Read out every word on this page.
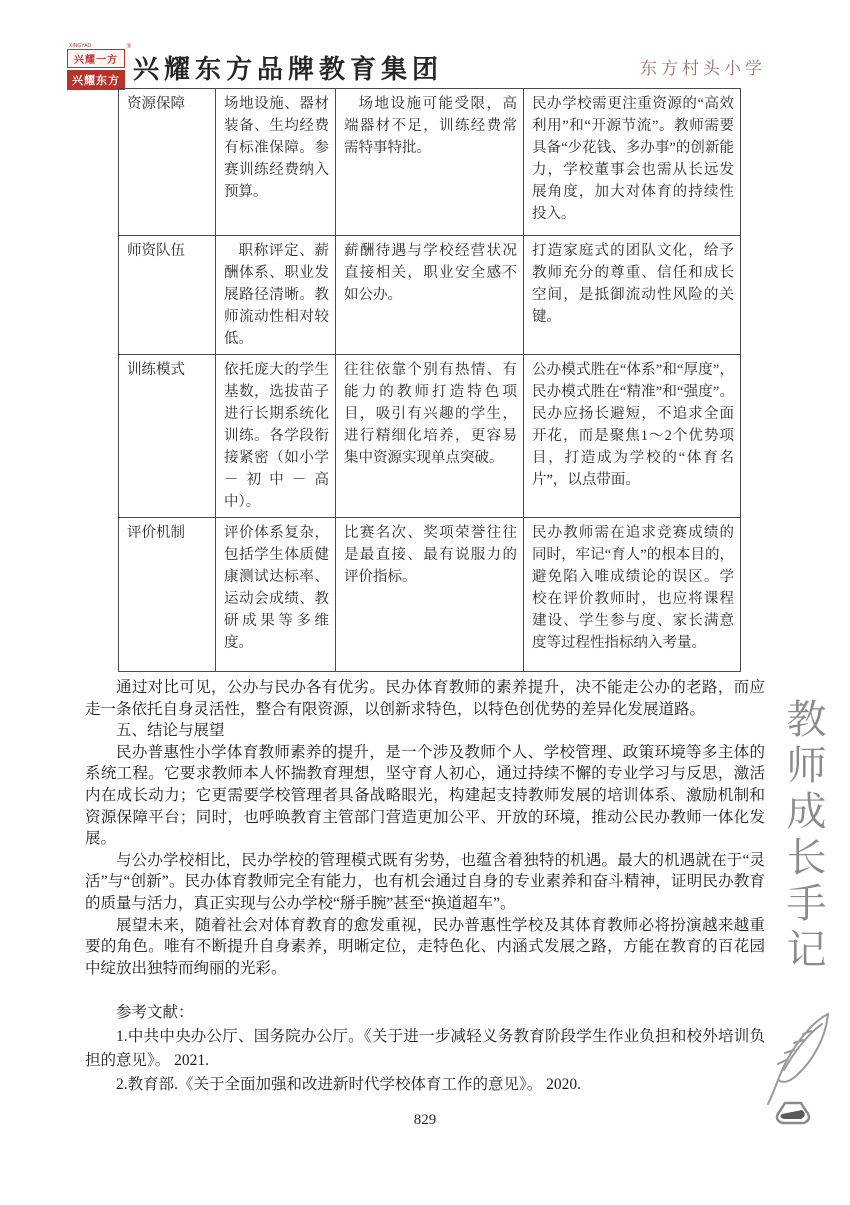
XINGYAO	®
兴耀一方
兴耀东方 兴耀东方品牌教育集团	东方村头小学
资源保障	场地设施、器材装备、生均经费有标准保障。参赛训练经费纳入预算。	场地设施可能受限，高端器材不足，训练经费常需特事特批。	民办学校需更注重资源的“高效利用”和“开源节流”。教师需要具备“少花钱、多办事”的创新能力，学校董事会也需从长远发展角度，加大对体育的持续性投入。
师资队伍	职称评定、薪酬体系、职业发展路径清晰。教师流动性相对较低。	薪酬待遇与学校经营状况直接相关，职业安全感不如公办。	打造家庭式的团队文化，给予教师充分的尊重、信任和成长空间，是抵御流动性风险的关键。
训练模式	依托庞大的学生基数，选拔苗子进行长期系统化训练。各学段衔接紧密（如小学－初中－高中）。	往往依靠个别有热情、有能力的教师打造特色项目，吸引有兴趣的学生，进行精细化培养，更容易集中资源实现单点突破。	公办模式胜在“体系”和“厚度”，民办模式胜在“精准”和“强度”。民办应扬长避短，不追求全面开花，而是聚焦1～2个优势项目，打造成为学校的“体育名片”，以点带面。
评价机制	评价体系复杂，包括学生体质健康测试达标率、运动会成绩、教研成果等多维度。	比赛名次、奖项荣誉往往是最直接、最有说服力的评价指标。	民办教师需在追求竞赛成绩的同时，牢记“育人”的根本目的，避免陷入唯成绩论的误区。学校在评价教师时，也应将课程建设、学生参与度、家长满意度等过程性指标纳入考量。

通过对比可见，公办与民办各有优劣。民办体育教师的素养提升，决不能走公办的老路，而应走一条依托自身灵活性，整合有限资源，以创新求特色，以特色创优势的差异化发展道路。

五、结论与展望

民办普惠性小学体育教师素养的提升，是一个涉及教师个人、学校管理、政策环境等多主体的系统工程。它要求教师本人怀揣教育理想，坚守育人初心，通过持续不懈的专业学习与反思，激活内在成长动力；它更需要学校管理者具备战略眼光，构建起支持教师发展的培训体系、激励机制和资源保障平台；同时，也呼唤教育主管部门营造更加公平、开放的环境，推动公民办教师一体化发展。

与公办学校相比，民办学校的管理模式既有劣势，也蕴含着独特的机遇。最大的机遇就在于“灵活”与“创新”。民办体育教师完全有能力，也有机会通过自身的专业素养和奋斗精神，证明民办教育的质量与活力，真正实现与公办学校“掰手腕”甚至“换道超车”。

展望未来，随着社会对体育教育的愈发重视，民办普惠性学校及其体育教师必将扮演越来越重要的角色。唯有不断提升自身素养，明晰定位，走特色化、内涵式发展之路，方能在教育的百花园中绽放出独特而绚丽的光彩。

参考文献：

1.中共中央办公厅、国务院办公厅。《关于进一步减轻义务教育阶段学生作业负担和校外培训负担的意见》。 2021.

2.教育部.《关于全面加强和改进新时代学校体育工作的意见》。 2020.

教师成长手记
829
